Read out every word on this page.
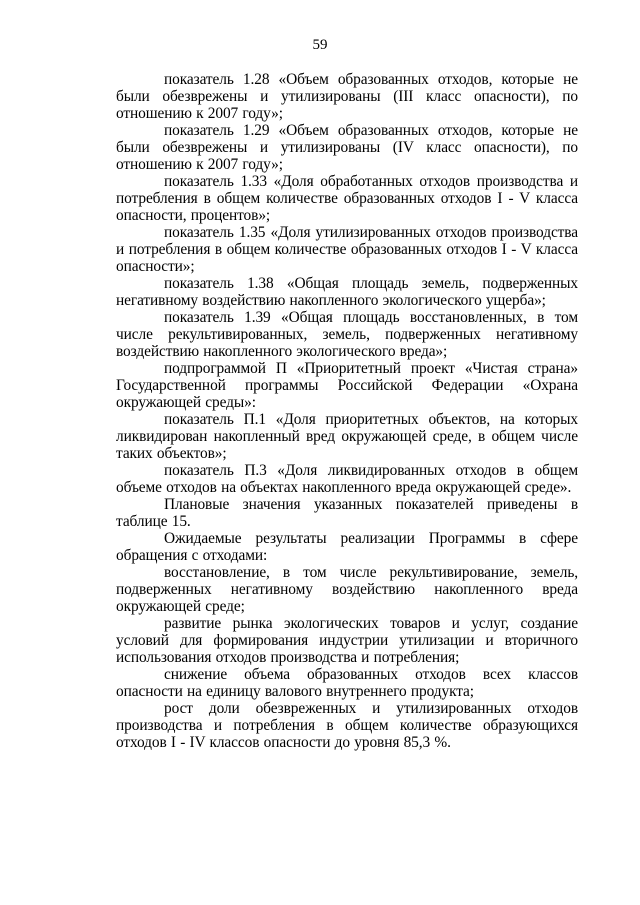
59

показатель 1.28 «Объем образованных отходов, которые не были обезврежены и утилизированы (III класс опасности), по отношению к 2007 году»;

показатель 1.29 «Объем образованных отходов, которые не были обезврежены и утилизированы (IV класс опасности), по отношению к 2007 году»;

показатель 1.33 «Доля обработанных отходов производства и потребления в общем количестве образованных отходов I - V класса опасности, процентов»;

показатель 1.35 «Доля утилизированных отходов производства и потребления в общем количестве образованных отходов I - V класса опасности»;

показатель 1.38 «Общая площадь земель, подверженных негативному воздействию накопленного экологического ущерба»;

показатель 1.39 «Общая площадь восстановленных, в том числе рекультивированных, земель, подверженных негативному воздействию накопленного экологического вреда»;

подпрограммой П «Приоритетный проект «Чистая страна» Государственной программы Российской Федерации «Охрана окружающей среды»:

показатель П.1 «Доля приоритетных объектов, на которых ликвидирован накопленный вред окружающей среде, в общем числе таких объектов»;

показатель П.3 «Доля ликвидированных отходов в общем объеме отходов на объектах накопленного вреда окружающей среде».

Плановые значения указанных показателей приведены в таблице 15.

Ожидаемые результаты реализации Программы в сфере обращения с отходами:

восстановление, в том числе рекультивирование, земель, подверженных негативному воздействию накопленного вреда окружающей среде;

развитие рынка экологических товаров и услуг, создание условий для формирования индустрии утилизации и вторичного использования отходов производства и потребления;

снижение объема образованных отходов всех классов опасности на единицу валового внутреннего продукта;

рост доли обезвреженных и утилизированных отходов производства и потребления в общем количестве образующихся отходов I - IV классов опасности до уровня 85,3 %.
